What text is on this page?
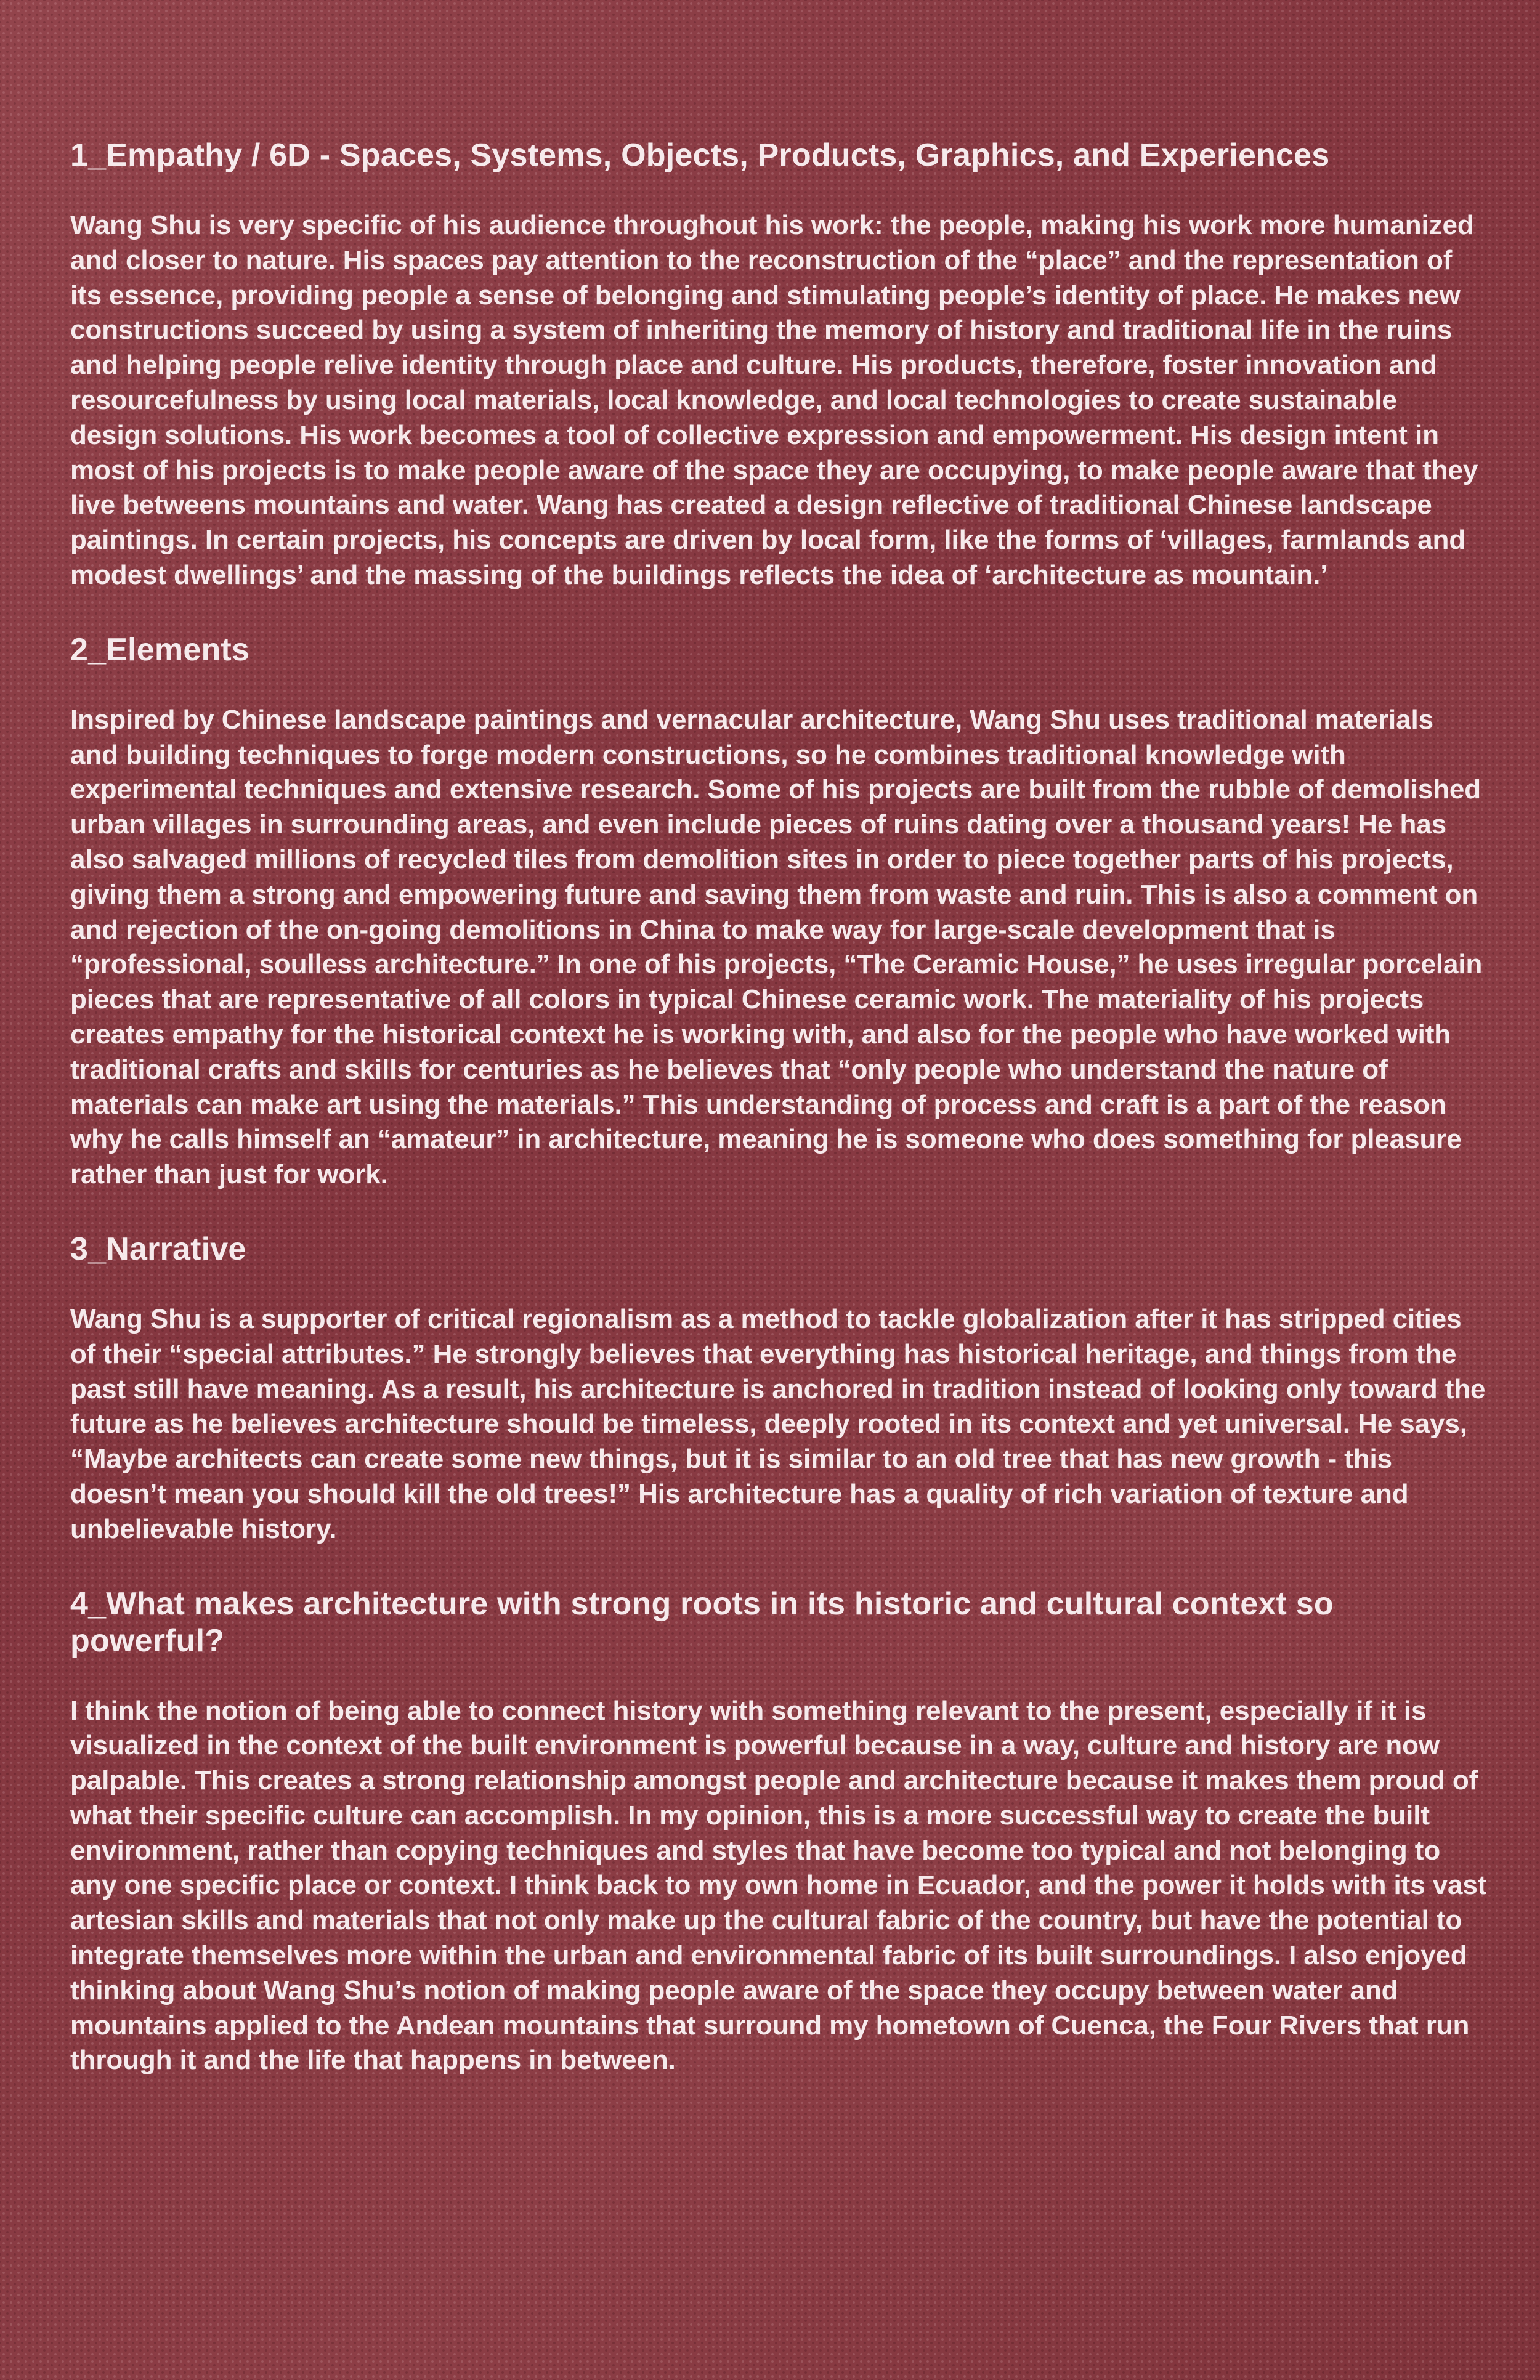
1_Empathy / 6D - Spaces, Systems, Objects, Products, Graphics, and Experiences

Wang Shu is very specific of his audience throughout his work: the people, making his work more humanized and closer to nature. His spaces pay attention to the reconstruction of the “place” and the representation of its essence, providing people a sense of belonging and stimulating people’s identity of place. He makes new constructions succeed by using a system of inheriting the memory of history and traditional life in the ruins and helping people relive identity through place and culture. His products, therefore, foster innovation and resourcefulness by using local materials, local knowledge, and local technologies to create sustainable design solutions. His work becomes a tool of collective expression and empowerment. His design intent in most of his projects is to make people aware of the space they are occupying, to make people aware that they live betweens mountains and water. Wang has created a design reflective of traditional Chinese landscape paintings. In certain projects, his concepts are driven by local form, like the forms of ‘villages, farmlands and modest dwellings’ and the massing of the buildings reflects the idea of ‘architecture as mountain.’

2_Elements

Inspired by Chinese landscape paintings and vernacular architecture, Wang Shu uses traditional materials and building techniques to forge modern constructions, so he combines traditional knowledge with experimental techniques and extensive research. Some of his projects are built from the rubble of demolished urban villages in surrounding areas, and even include pieces of ruins dating over a thousand years! He has also salvaged millions of recycled tiles from demolition sites in order to piece together parts of his projects, giving them a strong and empowering future and saving them from waste and ruin. This is also a comment on and rejection of the on-going demolitions in China to make way for large-scale development that is “professional, soulless architecture.” In one of his projects, “The Ceramic House,” he uses irregular porcelain pieces that are representative of all colors in typical Chinese ceramic work. The materiality of his projects creates empathy for the historical context he is working with, and also for the people who have worked with traditional crafts and skills for centuries as he believes that “only people who understand the nature of materials can make art using the materials.” This understanding of process and craft is a part of the reason why he calls himself an “amateur” in architecture, meaning he is someone who does something for pleasure rather than just for work.

3_Narrative

Wang Shu is a supporter of critical regionalism as a method to tackle globalization after it has stripped cities of their “special attributes.” He strongly believes that everything has historical heritage, and things from the past still have meaning. As a result, his architecture is anchored in tradition instead of looking only toward the future as he believes architecture should be timeless, deeply rooted in its context and yet universal. He says, “Maybe architects can create some new things, but it is similar to an old tree that has new growth - this doesn’t mean you should kill the old trees!” His architecture has a quality of rich variation of texture and unbelievable history.

4_What makes architecture with strong roots in its historic and cultural context so powerful?

I think the notion of being able to connect history with something relevant to the present, especially if it is visualized in the context of the built environment is powerful because in a way, culture and history are now palpable. This creates a strong relationship amongst people and architecture because it makes them proud of what their specific culture can accomplish. In my opinion, this is a more successful way to create the built environment, rather than copying techniques and styles that have become too typical and not belonging to any one specific place or context. I think back to my own home in Ecuador, and the power it holds with its vast artesian skills and materials that not only make up the cultural fabric of the country, but have the potential to integrate themselves more within the urban and environmental fabric of its built surroundings. I also enjoyed thinking about Wang Shu’s notion of making people aware of the space they occupy between water and mountains applied to the Andean mountains that surround my hometown of Cuenca, the Four Rivers that run through it and the life that happens in between.
